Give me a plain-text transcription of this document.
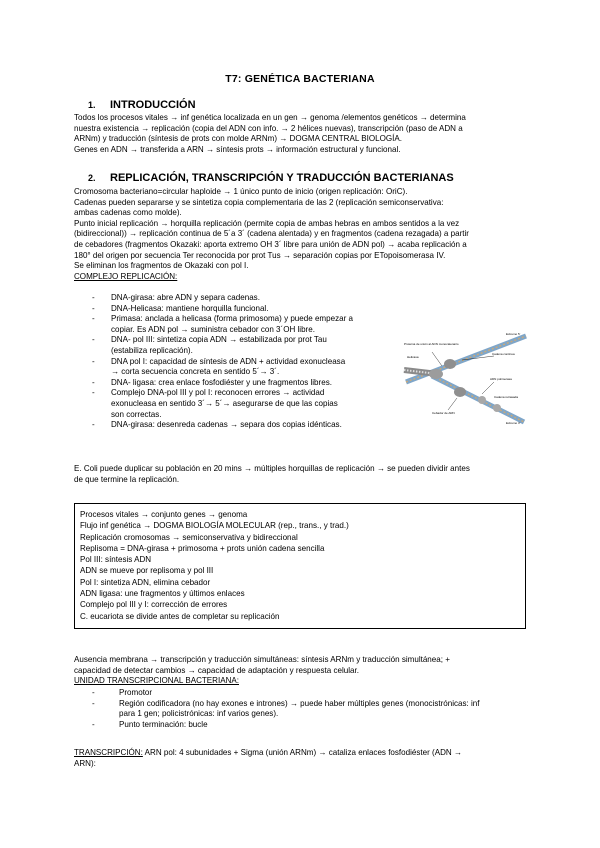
T7: GENÉTICA BACTERIANA
1. INTRODUCCIÓN
Todos los procesos vitales → inf genética localizada en un gen → genoma /elementos genéticos → determina
nuestra existencia → replicación (copia del ADN con info. → 2 hélices nuevas), transcripción (paso de ADN a
ARNm) y traducción (síntesis de prots con molde ARNm) → DOGMA CENTRAL BIOLOGÍA.
Genes en ADN → transferida a ARN → síntesis prots → información estructural y funcional.
2. REPLICACIÓN, TRANSCRIPCIÓN Y TRADUCCIÓN BACTERIANAS
Cromosoma bacteriano=circular haploide → 1 único punto de inicio (origen replicación: OriC).
Cadenas pueden separarse y se sintetiza copia complementaria de las 2 (replicación semiconservativa:
ambas cadenas como molde).
Punto inicial replicación → horquilla replicación (permite copia de ambas hebras en ambos sentidos a la vez
(bidireccional)) → replicación continua de 5´a 3´ (cadena alentada) y en fragmentos (cadena rezagada) a partir
de cebadores (fragmentos Okazaki: aporta extremo OH 3´ libre para unión de ADN pol) → acaba replicación a
180° del origen por secuencia Ter reconocida por prot Tus → separación copias por ETopoisomerasa IV.
Se eliminan los fragmentos de Okazaki con pol I.
COMPLEJO REPLICACIÓN:
- DNA-girasa: abre ADN y separa cadenas.
- DNA-Helicasa: mantiene horquilla funcional.
- Primasa: anclada a helicasa (forma primosoma) y puede empezar a
copiar. Es ADN pol → suministra cebador con 3´OH libre.
- DNA- pol III: sintetiza copia ADN → estabilizada por prot Tau
(estabiliza replicación).
- DNA pol I: capacidad de síntesis de ADN + actividad exonucleasa
→ corta secuencia concreta en sentido 5´→ 3´.
- DNA- ligasa: crea enlace fosfodiéster y une fragmentos libres.
- Complejo DNA-pol III y pol I: reconocen errores → actividad
exonucleasa en sentido 3´→ 5´→ asegurarse de que las copias
son correctas.
- DNA-girasa: desenreda cadenas → separa dos copias idénticas.
Proteína de unión al ADN monocatenario
Cadena continua
Helicasa
ADN polimerasa
Cebador de ARN
Cadena retrasada
Extremo 5´
Extremo 3´
E. Coli puede duplicar su población en 20 mins → múltiples horquillas de replicación → se pueden dividir antes
de que termine la replicación.
Procesos vitales → conjunto genes → genoma
Flujo inf genética → DOGMA BIOLOGÍA MOLECULAR (rep., trans., y trad.)
Replicación cromosomas → semiconservativa y bidireccional
Replisoma = DNA-girasa + primosoma + prots unión cadena sencilla
Pol III: síntesis ADN
ADN se mueve por replisoma y pol III
Pol I: sintetiza ADN, elimina cebador
ADN ligasa: une fragmentos y últimos enlaces
Complejo pol III y I: corrección de errores
C. eucariota se divide antes de completar su replicación
Ausencia membrana → transcripción y traducción simultáneas: síntesis ARNm y traducción simultánea; +
capacidad de detectar cambios → capacidad de adaptación y respuesta celular.
UNIDAD TRANSCRIPCIONAL BACTERIANA:
- Promotor
- Región codificadora (no hay exones e intrones) → puede haber múltiples genes (monocistrónicas: inf
para 1 gen; policistrónicas: inf varios genes).
- Punto terminación: bucle
TRANSCRIPCIÓN: ARN pol: 4 subunidades + Sigma (unión ARNm) → cataliza enlaces fosfodiéster (ADN →
ARN):
